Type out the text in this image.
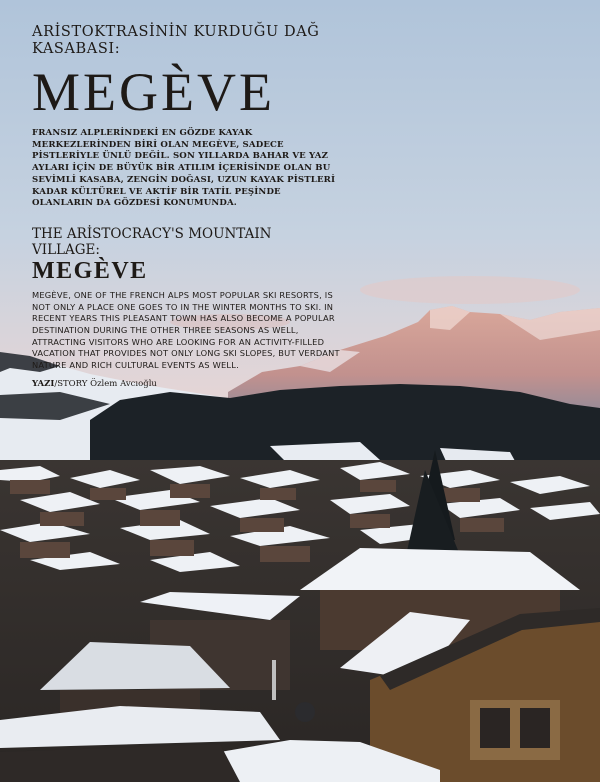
ARİSTOKTRASİNİN KURDUĞU DAĞ KASABASI:
MEGÈVE

FRANSIZ ALPLERİNDEKİ EN GÖZDE KAYAK MERKEZLERİNDEN BİRİ OLAN MEGÈVE, SADECE PİSTLERİYLE ÜNLÜ DEĞİL. SON YILLARDA BAHAR VE YAZ AYLARI İÇİN DE BÜYÜK BİR ATILIM İÇERİSİNDE OLAN BU SEVİMLİ KASABA, ZENGİN DOĞASI, UZUN KAYAK PİSTLERİ KADAR KÜLTÜREL VE AKTİF BİR TATİL PEŞİNDE OLANLARIN DA GÖZDESİ KONUMUNDA.

THE ARİSTOCRACY'S MOUNTAIN VILLAGE:
MEGÈVE

MEGÈVE, ONE OF THE FRENCH ALPS MOST POPULAR SKI RESORTS, IS NOT ONLY A PLACE ONE GOES TO IN THE WINTER MONTHS TO SKI. IN RECENT YEARS THIS PLEASANT TOWN HAS ALSO BECOME A POPULAR DESTINATION DURING THE OTHER THREE SEASONS AS WELL, ATTRACTING VISITORS WHO ARE LOOKING FOR AN ACTIVITY-FILLED VACATION THAT PROVIDES NOT ONLY LONG SKI SLOPES, BUT VERDANT NATURE AND RICH CULTURAL EVENTS AS WELL.

YAZI/STORY Özlem Avcıoğlu
